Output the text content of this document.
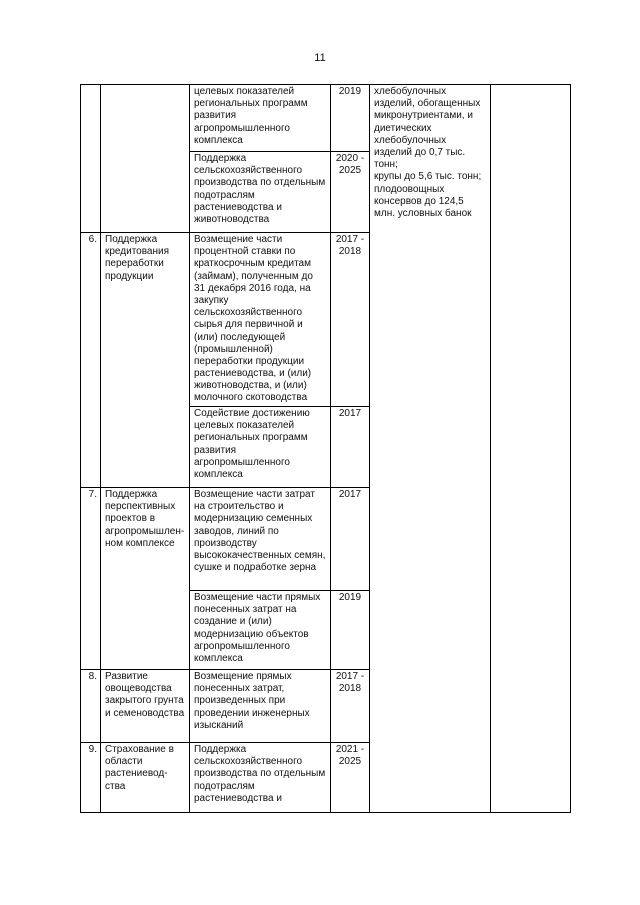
11
		целевых показателей региональных программ развития агропромышленного комплекса	2019	хлебобулочных изделий, обогащенных микронутриентами, и диетических хлебобулочных изделий до 0,7 тыс. тонн;
крупы до 5,6 тыс. тонн;
плодоовощных консервов до 124,5 млн. условных банок	
		Поддержка сельскохозяйственного производства по отдельным подотраслям растениеводства и животноводства	2020 - 2025		
6.	Поддержка кредитования переработки продукции	Возмещение части процентной ставки по краткосрочным кредитам (займам), полученным до 31 декабря 2016 года, на закупку сельскохозяйственного сырья для первичной и (или) последующей (промышленной) переработки продукции растениеводства, и (или) животноводства, и (или) молочного скотоводства	2017 - 2018		
		Содействие достижению целевых показателей региональных программ развития агропромышленного комплекса	2017		
7.	Поддержка перспективных проектов в агропромышлен-ном комплексе	Возмещение части затрат на строительство и модернизацию семенных заводов, линий по производству высококачественных семян, сушке и подработке зерна	2017		
		Возмещение части прямых понесенных затрат на создание и (или) модернизацию объектов агропромышленного комплекса	2019		
8.	Развитие овощеводства закрытого грунта и семеноводства	Возмещение прямых понесенных затрат, произведенных при проведении инженерных изысканий	2017 - 2018		
9.	Страхование в области растениевод-ства	Поддержка сельскохозяйственного производства по отдельным подотраслям растениеводства и	2021 - 2025		
